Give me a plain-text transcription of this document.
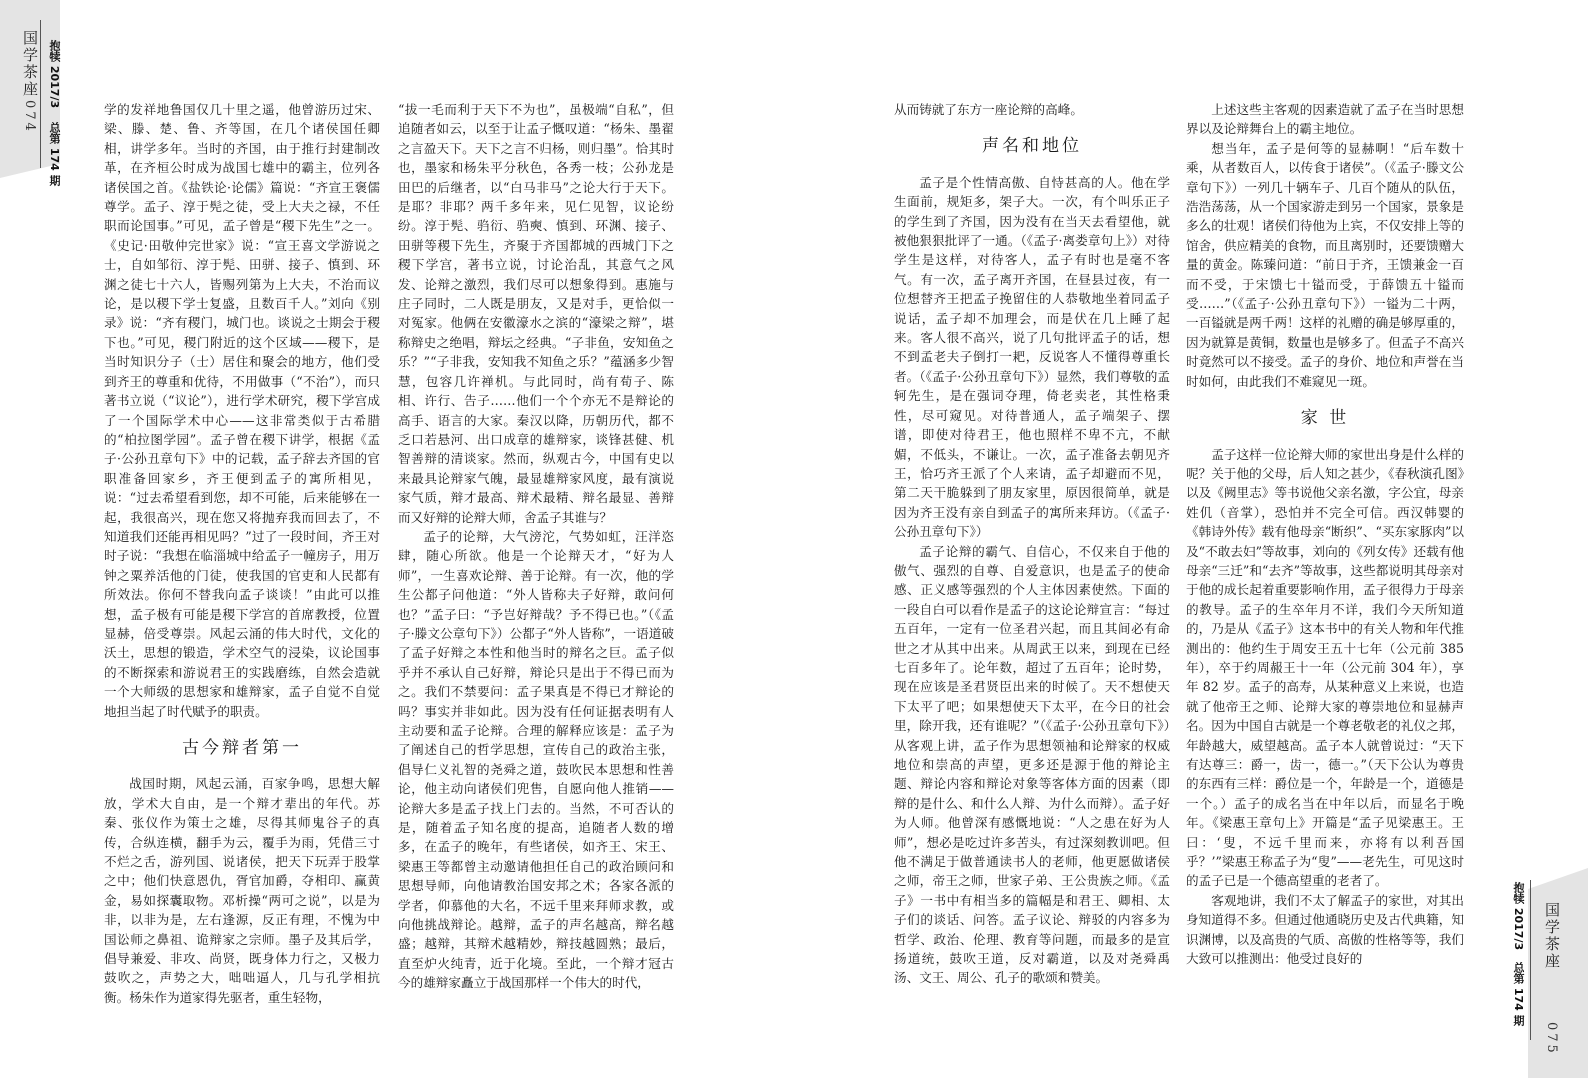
国学茶座
074
抱犊 2017/3
总第 174 期

学的发祥地鲁国仅几十里之遥，他曾游历过宋、梁、滕、楚、鲁、齐等国，在几个诸侯国任卿相，讲学多年。当时的齐国，由于推行封建制改革，在齐桓公时成为战国七雄中的霸主，位列各诸侯国之首。《盐铁论·论儒》篇说：“齐宣王褒儒尊学。孟子、淳于髡之徒，受上大夫之禄，不任职而论国事。”可见，孟子曾是“稷下先生”之一。《史记·田敬仲完世家》说：“宣王喜文学游说之士，自如邹衍、淳于髡、田骈、接子、慎到、环渊之徒七十六人，皆赐列第为上大夫，不治而议论，是以稷下学士复盛，且数百千人。”刘向《别录》说：“齐有稷门，城门也。谈说之士期会于稷下也。”可见，稷门附近的这个区域——稷下，是当时知识分子（士）居住和聚会的地方，他们受到齐王的尊重和优待，不用做事（“不治”），而只著书立说（“议论”），进行学术研究，稷下学宫成了一个国际学术中心——这非常类似于古希腊的“柏拉图学园”。孟子曾在稷下讲学，根据《孟子·公孙丑章句下》中的记载，孟子辞去齐国的官职准备回家乡，齐王便到孟子的寓所相见，说：“过去希望看到您，却不可能，后来能够在一起，我很高兴，现在您又将抛弃我而回去了，不知道我们还能再相见吗？”过了一段时间，齐王对时子说：“我想在临淄城中给孟子一幢房子，用万钟之粟养活他的门徒，使我国的官吏和人民都有所效法。你何不替我向孟子谈谈！”由此可以推想，孟子极有可能是稷下学宫的首席教授，位置显赫，倍受尊崇。风起云涌的伟大时代，文化的沃土，思想的锻造，学术空气的浸染，议论国事的不断探索和游说君王的实践磨练，自然会造就一个大师级的思想家和雄辩家，孟子自觉不自觉地担当起了时代赋予的职责。

古今辩者第一

战国时期，风起云涌，百家争鸣，思想大解放，学术大自由，是一个辩才辈出的年代。苏秦、张仪作为策士之雄，尽得其师鬼谷子的真传，合纵连横，翻手为云，覆手为雨，凭借三寸不烂之舌，游列国、说诸侯，把天下玩弄于股掌之中；他们快意恩仇，胥官加爵，夺相印、赢黄金，易如探囊取物。邓析操“两可之说”，以是为非，以非为是，左右逢源，反正有理，不愧为中国讼师之鼻祖、诡辩家之宗师。墨子及其后学，倡导兼爱、非攻、尚贤，既身体力行之，又极力鼓吹之，声势之大，咄咄逼人，几与孔学相抗衡。杨朱作为道家得先驱者，重生轻物，

“拔一毛而利于天下不为也”，虽极端“自私”，但追随者如云，以至于让孟子慨叹道：“杨朱、墨翟之言盈天下。天下之言不归杨，则归墨”。恰其时也，墨家和杨朱平分秋色，各秀一枝；公孙龙是田巴的后继者，以“白马非马”之论大行于天下。是耶？非耶？两千多年来，见仁见智，议论纷纷。淳于髡、驺衍、驺奭、慎到、环渊、接子、田骈等稷下先生，齐聚于齐国都城的西城门下之稷下学宫，著书立说，讨论治乱，其意气之风发、论辩之激烈，我们尽可以想象得到。惠施与庄子同时，二人既是朋友，又是对手，更恰似一对冤家。他俩在安徽濠水之滨的“濠梁之辩”，堪称辩史之绝唱，辩坛之经典。“子非鱼，安知鱼之乐？”“子非我，安知我不知鱼之乐？”蕴涵多少智慧，包容几许禅机。与此同时，尚有荀子、陈相、许行、告子……他们一个个亦无不是辩论的高手、语言的大家。秦汉以降，历朝历代，都不乏口若悬河、出口成章的雄辩家，谈锋甚健、机智善辩的清谈家。然而，纵观古今，中国有史以来最具论辩家气魄，最显雄辩家风度，最有演说家气质，辩才最高、辩术最精、辩名最显、善辩而又好辩的论辩大师，舍孟子其谁与？

孟子的论辩，大气滂沱，气势如虹，汪洋恣肆，随心所欲。他是一个论辩天才，“好为人师”，一生喜欢论辩、善于论辩。有一次，他的学生公都子问他道：“外人皆称夫子好辩，敢问何也？”孟子曰：“予岂好辩哉？予不得已也。”（《孟子·滕文公章句下》）公都子“外人皆称”，一语道破了孟子好辩之本性和他当时的辩名之巨。孟子似乎并不承认自己好辩，辩论只是出于不得已而为之。我们不禁要问：孟子果真是不得已才辩论的吗？事实并非如此。因为没有任何证据表明有人主动要和孟子论辩。合理的解释应该是：孟子为了阐述自己的哲学思想，宣传自己的政治主张，倡导仁义礼智的尧舜之道，鼓吹民本思想和性善论，他主动向诸侯们兜售，自愿向他人推销——论辩大多是孟子找上门去的。当然，不可否认的是，随着孟子知名度的提高，追随者人数的增多，在孟子的晚年，有些诸侯，如齐王、宋王、梁惠王等都曾主动邀请他担任自己的政治顾问和思想导师，向他请教治国安邦之术；各家各派的学者，仰慕他的大名，不远千里来拜师求教，或向他挑战辩论。越辩，孟子的声名越高，辩名越盛；越辩，其辩术越精妙，辩技越圆熟；最后，直至炉火纯青，近于化境。至此，一个辩才冠古今的雄辩家矗立于战国那样一个伟大的时代，

从而铸就了东方一座论辩的高峰。

声名和地位

孟子是个性情高傲、自恃甚高的人。他在学生面前，规矩多，架子大。一次，有个叫乐正子的学生到了齐国，因为没有在当天去看望他，就被他狠狠批评了一通。（《孟子·离娄章句上》）对待学生是这样，对待客人，孟子有时也是毫不客气。有一次，孟子离开齐国，在昼县过夜，有一位想替齐王把孟子挽留住的人恭敬地坐着同孟子说话，孟子却不加理会，而是伏在几上睡了起来。客人很不高兴，说了几句批评孟子的话，想不到孟老夫子倒打一耙，反说客人不懂得尊重长者。（《孟子·公孙丑章句下》）显然，我们尊敬的孟轲先生，是在强词夺理，倚老卖老，其性格秉性，尽可窥见。对待普通人，孟子端架子、摆谱，即使对待君王，他也照样不卑不亢，不献媚，不低头，不谦让。一次，孟子准备去朝见齐王，恰巧齐王派了个人来请，孟子却避而不见，第二天干脆躲到了朋友家里，原因很简单，就是因为齐王没有亲自到孟子的寓所来拜访。（《孟子·公孙丑章句下》）

孟子论辩的霸气、自信心，不仅来自于他的傲气、强烈的自尊、自爱意识，也是孟子的使命感、正义感等强烈的个人主体因素使然。下面的一段自白可以看作是孟子的这论论辩宣言：“每过五百年，一定有一位圣君兴起，而且其间必有命世之才从其中出来。从周武王以来，到现在已经七百多年了。论年数，超过了五百年；论时势，现在应该是圣君贤臣出来的时候了。天不想使天下太平了吧；如果想使天下太平，在今日的社会里，除开我，还有谁呢？”（《孟子·公孙丑章句下》）从客观上讲，孟子作为思想领袖和论辩家的权威地位和崇高的声望，更多还是源于他的辩论主题、辩论内容和辩论对象等客体方面的因素（即辩的是什么、和什么人辩、为什么而辩）。孟子好为人师。他曾深有感慨地说：“人之患在好为人师”，想必是吃过许多苦头，有过深刻教训吧。但他不满足于做普通读书人的老师，他更愿做诸侯之师，帝王之师，世家子弟、王公贵族之师。《孟子》一书中有相当多的篇幅是和君王、卿相、太子们的谈话、问答。孟子议论、辩驳的内容多为哲学、政治、伦理、教育等问题，而最多的是宣扬道统，鼓吹王道，反对霸道，以及对尧舜禹汤、文王、周公、孔子的歌颂和赞美。

上述这些主客观的因素造就了孟子在当时思想界以及论辩舞台上的霸主地位。

想当年，孟子是何等的显赫啊！“后车数十乘，从者数百人，以传食于诸侯”。（《孟子·滕文公章句下》）一列几十辆车子、几百个随从的队伍，浩浩荡荡，从一个国家游走到另一个国家，景象是多么的壮观！诸侯们待他为上宾，不仅安排上等的馆舍，供应精美的食物，而且离别时，还要馈赠大量的黄金。陈臻问道：“前日于齐，王馈兼金一百而不受，于宋馈七十镒而受，于薛馈五十镒而受……”（《孟子·公孙丑章句下》）一镒为二十两，一百镒就是两千两！这样的礼赠的确是够厚重的，因为就算是黄铜，数量也是够多了。但孟子不高兴时竟然可以不接受。孟子的身价、地位和声誉在当时如何，由此我们不难窥见一斑。

家 世

孟子这样一位论辩大师的家世出身是什么样的呢？关于他的父母，后人知之甚少，《春秋演孔图》以及《阙里志》等书说他父亲名激，字公宜，母亲姓仉（音掌），恐怕并不完全可信。西汉韩婴的《韩诗外传》载有他母亲“断织”、“买东家豚肉”以及“不敢去妇”等故事，刘向的《列女传》还载有他母亲“三迁”和“去齐”等故事，这些都说明其母亲对于他的成长起着重要影响作用，孟子很得力于母亲的教导。孟子的生卒年月不详，我们今天所知道的，乃是从《孟子》这本书中的有关人物和年代推测出的：他约生于周安王五十七年（公元前 385 年），卒于约周赧王十一年（公元前 304 年），享年 82 岁。孟子的高寿，从某种意义上来说，也造就了他帝王之师、论辩大家的尊崇地位和显赫声名。因为中国自古就是一个尊老敬老的礼仪之邦，年龄越大，威望越高。孟子本人就曾说过：“天下有达尊三：爵一，齿一，德一。”（天下公认为尊贵的东西有三样：爵位是一个，年龄是一个，道德是一个。）孟子的成名当在中年以后，而显名于晚年。《梁惠王章句上》开篇是“孟子见梁惠王。王曰：‘叟，不远千里而来，亦将有以利吾国乎？’”梁惠王称孟子为“叟”——老先生，可见这时的孟子已是一个德高望重的老者了。

客观地讲，我们不太了解孟子的家世，对其出身知道得不多。但通过他通晓历史及古代典籍，知识渊博，以及高贵的气质、高傲的性格等等，我们大致可以推测出：他受过良好的

抱犊 2017/3
总第 174 期
国学茶座
075
